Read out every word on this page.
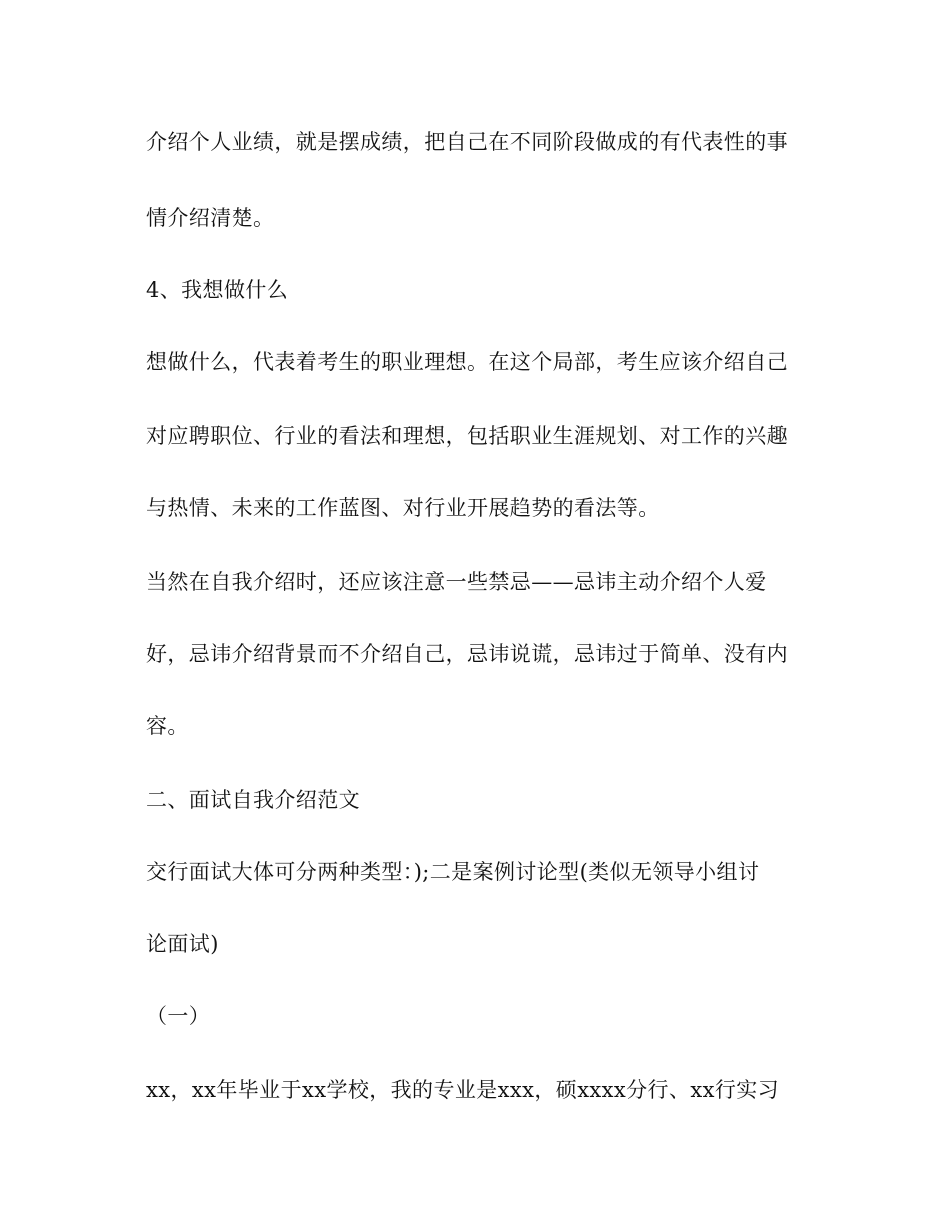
介绍个人业绩，就是摆成绩，把自己在不同阶段做成的有代表性的事

情介绍清楚。

4、我想做什么

想做什么，代表着考生的职业理想。在这个局部，考生应该介绍自己

对应聘职位、行业的看法和理想，包括职业生涯规划、对工作的兴趣

与热情、未来的工作蓝图、对行业开展趋势的看法等。

当然在自我介绍时，还应该注意一些禁忌——忌讳主动介绍个人爱

好，忌讳介绍背景而不介绍自己，忌讳说谎，忌讳过于简单、没有内

容。

二、面试自我介绍范文

交行面试大体可分两种类型：);二是案例讨论型(类似无领导小组讨

论面试)

（一）

xx，xx年毕业于xx学校，我的专业是xxx，硕xxxx分行、xx行实习
